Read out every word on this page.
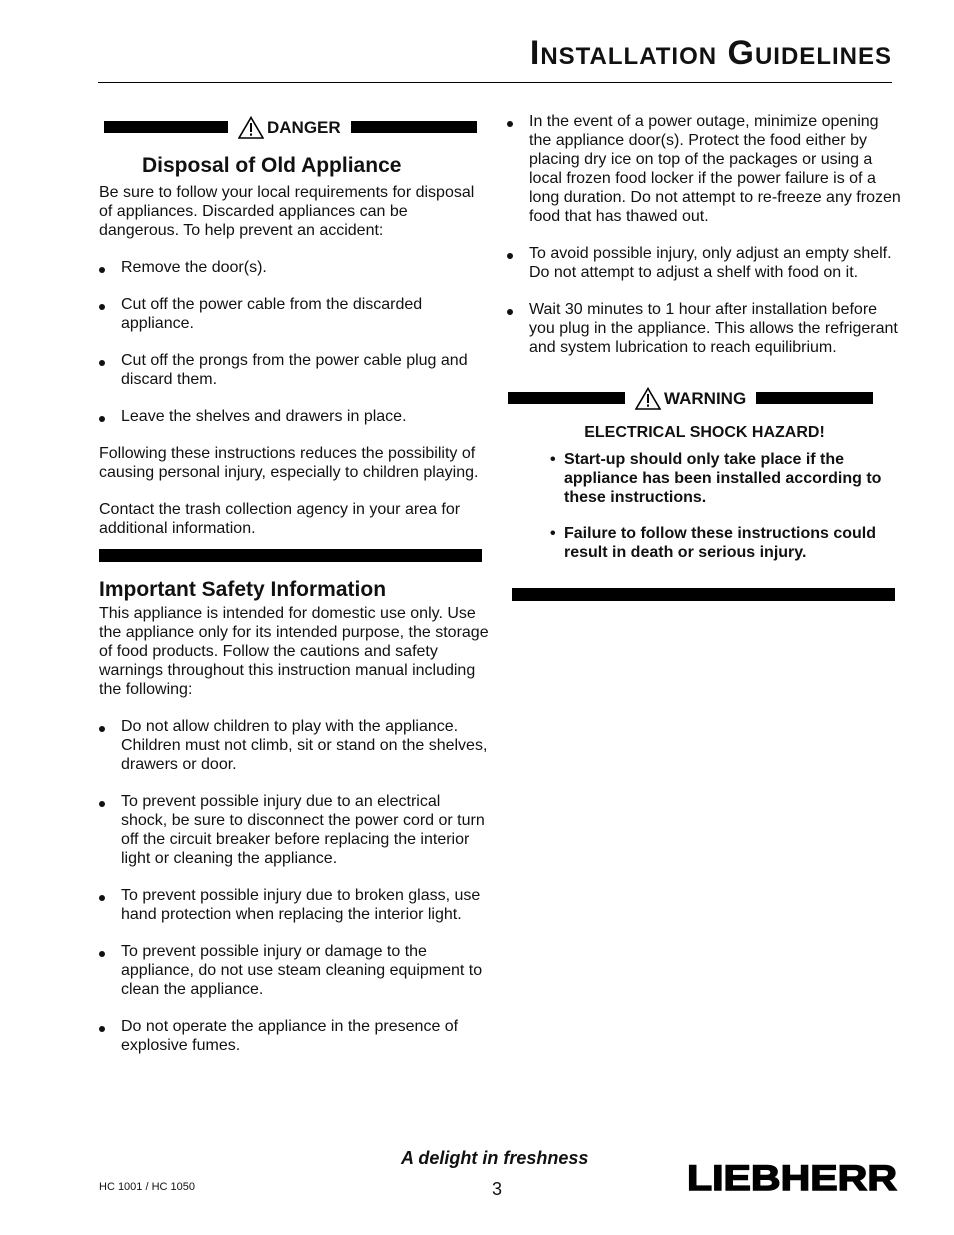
Installation Guidelines
DANGER
Disposal of Old Appliance

Be sure to follow your local requirements for disposal of appliances. Discarded appliances can be dangerous. To help prevent an accident:

Remove the door(s).
Cut off the power cable from the discarded appliance.
Cut off the prongs from the power cable plug and discard them.
Leave the shelves and drawers in place.

Following these instructions reduces the possibility of causing personal injury, especially to children playing.

Contact the trash collection agency in your area for additional information.

Important Safety Information

This appliance is intended for domestic use only. Use the appliance only for its intended purpose, the storage of food products. Follow the cautions and safety warnings throughout this instruction manual including the following:

Do not allow children to play with the appliance. Children must not climb, sit or stand on the shelves, drawers or door.
To prevent possible injury due to an electrical shock, be sure to disconnect the power cord or turn off the circuit breaker before replacing the interior light or cleaning the appliance.
To prevent possible injury due to broken glass, use hand protection when replacing the interior light.
To prevent possible injury or damage to the appliance, do not use steam cleaning equipment to clean the appliance.
Do not operate the appliance in the presence of explosive fumes.
In the event of a power outage, minimize opening the appliance door(s). Protect the food either by placing dry ice on top of the packages or using a local frozen food locker if the power failure is of a long duration. Do not attempt to re-freeze any frozen food that has thawed out.
To avoid possible injury, only adjust an empty shelf. Do not attempt to adjust a shelf with food on it.
Wait 30 minutes to 1 hour after installation before you plug in the appliance. This allows the refrigerant and system lubrication to reach equilibrium.
WARNING
ELECTRICAL SHOCK HAZARD!
• Start-up should only take place if the appliance has been installed according to these instructions.
• Failure to follow these instructions could result in death or serious injury.
A delight in freshness
3
HC 1001 / HC 1050	LIEBHERR
